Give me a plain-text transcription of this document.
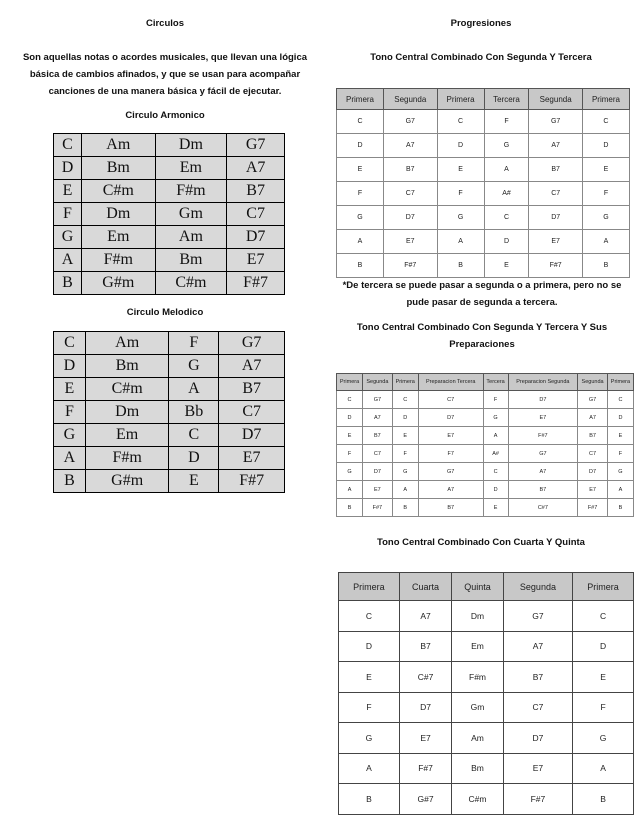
Circulos

Son aquellas notas o acordes musicales, que llevan una lógica básica de cambios afinados, y que se usan para acompañar canciones de una manera básica y fácil de ejecutar.

Circulo Armonico

C	Am	Dm	G7
D	Bm	Em	A7
E	C#m	F#m	B7
F	Dm	Gm	C7
G	Em	Am	D7
A	F#m	Bm	E7
B	G#m	C#m	F#7

Circulo Melodico

C	Am	F	G7
D	Bm	G	A7
E	C#m	A	B7
F	Dm	Bb	C7
G	Em	C	D7
A	F#m	D	E7
B	G#m	E	F#7

Progresiones

Tono Central Combinado Con Segunda Y Tercera

Primera	Segunda	Primera	Tercera	Segunda	Primera
C	G7	C	F	G7	C
D	A7	D	G	A7	D
E	B7	E	A	B7	E
F	C7	F	A#	C7	F
G	D7	G	C	D7	G
A	E7	A	D	E7	A
B	F#7	B	E	F#7	B

*De tercera se puede pasar a segunda o a primera, pero no se pude pasar de segunda a tercera.

Tono Central Combinado Con Segunda Y Tercera Y Sus Preparaciones

Primera	Segunda	Primera	Preparacion Tercera	Tercera	Preparacion Segunda	Segunda	Primera
C	G7	C	C7	F	D7	G7	C
D	A7	D	D7	G	E7	A7	D
E	B7	E	E7	A	F#7	B7	E
F	C7	F	F7	A#	G7	C7	F
G	D7	G	G7	C	A7	D7	G
A	E7	A	A7	D	B7	E7	A
B	F#7	B	B7	E	C#7	F#7	B

Tono Central Combinado Con Cuarta Y Quinta

Primera	Cuarta	Quinta	Segunda	Primera
C	A7	Dm	G7	C
D	B7	Em	A7	D
E	C#7	F#m	B7	E
F	D7	Gm	C7	F
G	E7	Am	D7	G
A	F#7	Bm	E7	A
B	G#7	C#m	F#7	B
